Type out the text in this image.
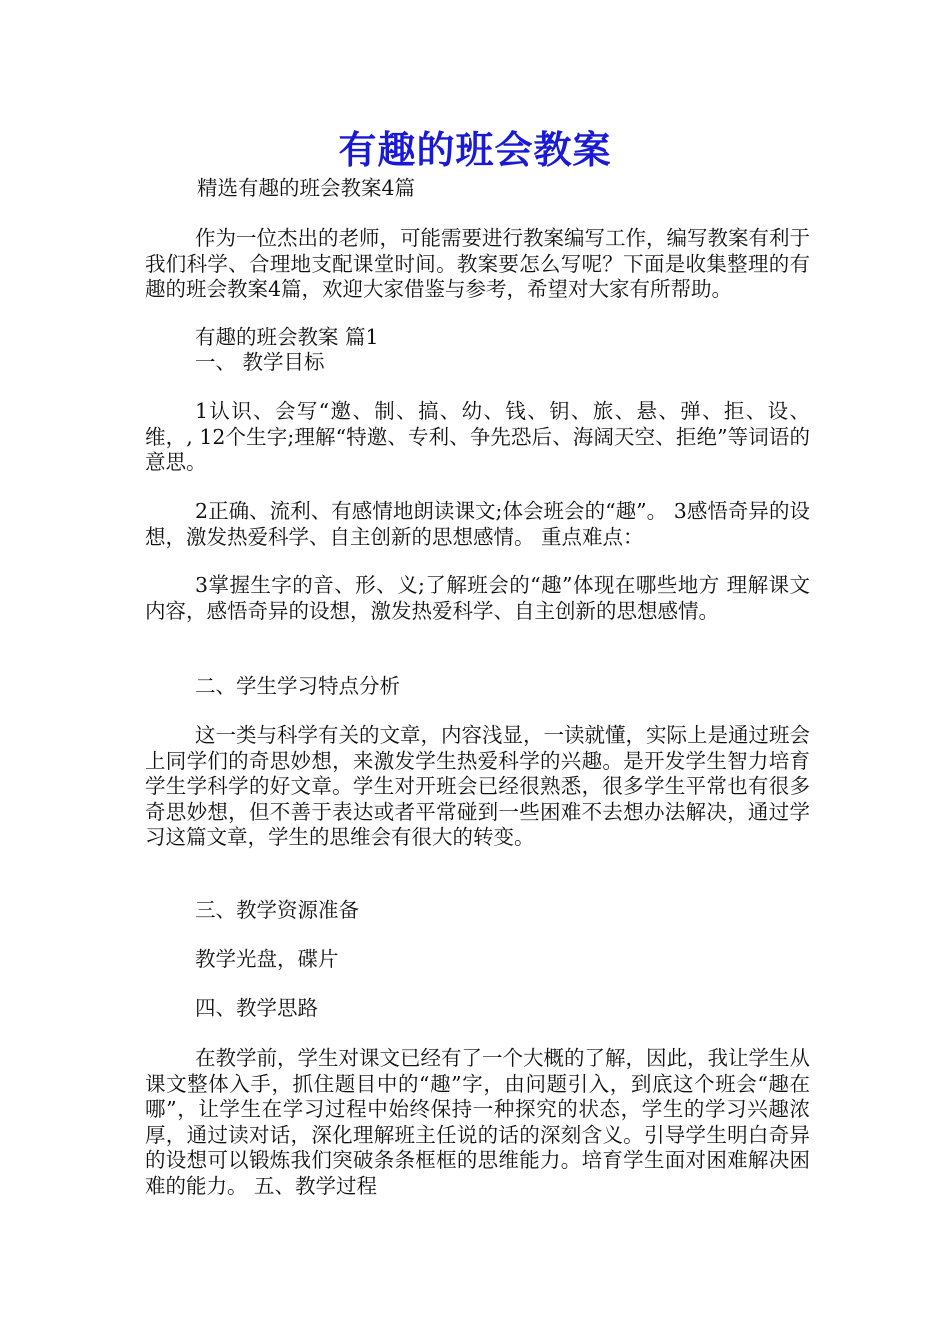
有趣的班会教案
精选有趣的班会教案4篇
作为一位杰出的老师，可能需要进行教案编写工作，编写教案有利于我们科学、合理地支配课堂时间。教案要怎么写呢？下面是收集整理的有趣的班会教案4篇，欢迎大家借鉴与参考，希望对大家有所帮助。
有趣的班会教案 篇1
一、 教学目标
1认识、会写“邀、制、搞、幼、钱、钥、旅、悬、弹、拒、设、维，, 12个生字;理解“特邀、专利、争先恐后、海阔天空、拒绝”等词语的意思。
2正确、流利、有感情地朗读课文;体会班会的“趣”。 3感悟奇异的设想，激发热爱科学、自主创新的思想感情。 重点难点：
3掌握生字的音、形、义;了解班会的“趣”体现在哪些地方 理解课文内容，感悟奇异的设想，激发热爱科学、自主创新的思想感情。
二、学生学习特点分析
这一类与科学有关的文章，内容浅显，一读就懂，实际上是通过班会上同学们的奇思妙想，来激发学生热爱科学的兴趣。是开发学生智力培育学生学科学的好文章。学生对开班会已经很熟悉，很多学生平常也有很多奇思妙想，但不善于表达或者平常碰到一些困难不去想办法解决，通过学习这篇文章，学生的思维会有很大的转变。
三、教学资源准备
教学光盘，碟片
四、教学思路
在教学前，学生对课文已经有了一个大概的了解，因此，我让学生从课文整体入手，抓住题目中的“趣”字，由问题引入，到底这个班会“趣在哪”，让学生在学习过程中始终保持一种探究的状态，学生的学习兴趣浓厚，通过读对话，深化理解班主任说的话的深刻含义。引导学生明白奇异的设想可以锻炼我们突破条条框框的思维能力。培育学生面对困难解决困难的能力。 五、教学过程
